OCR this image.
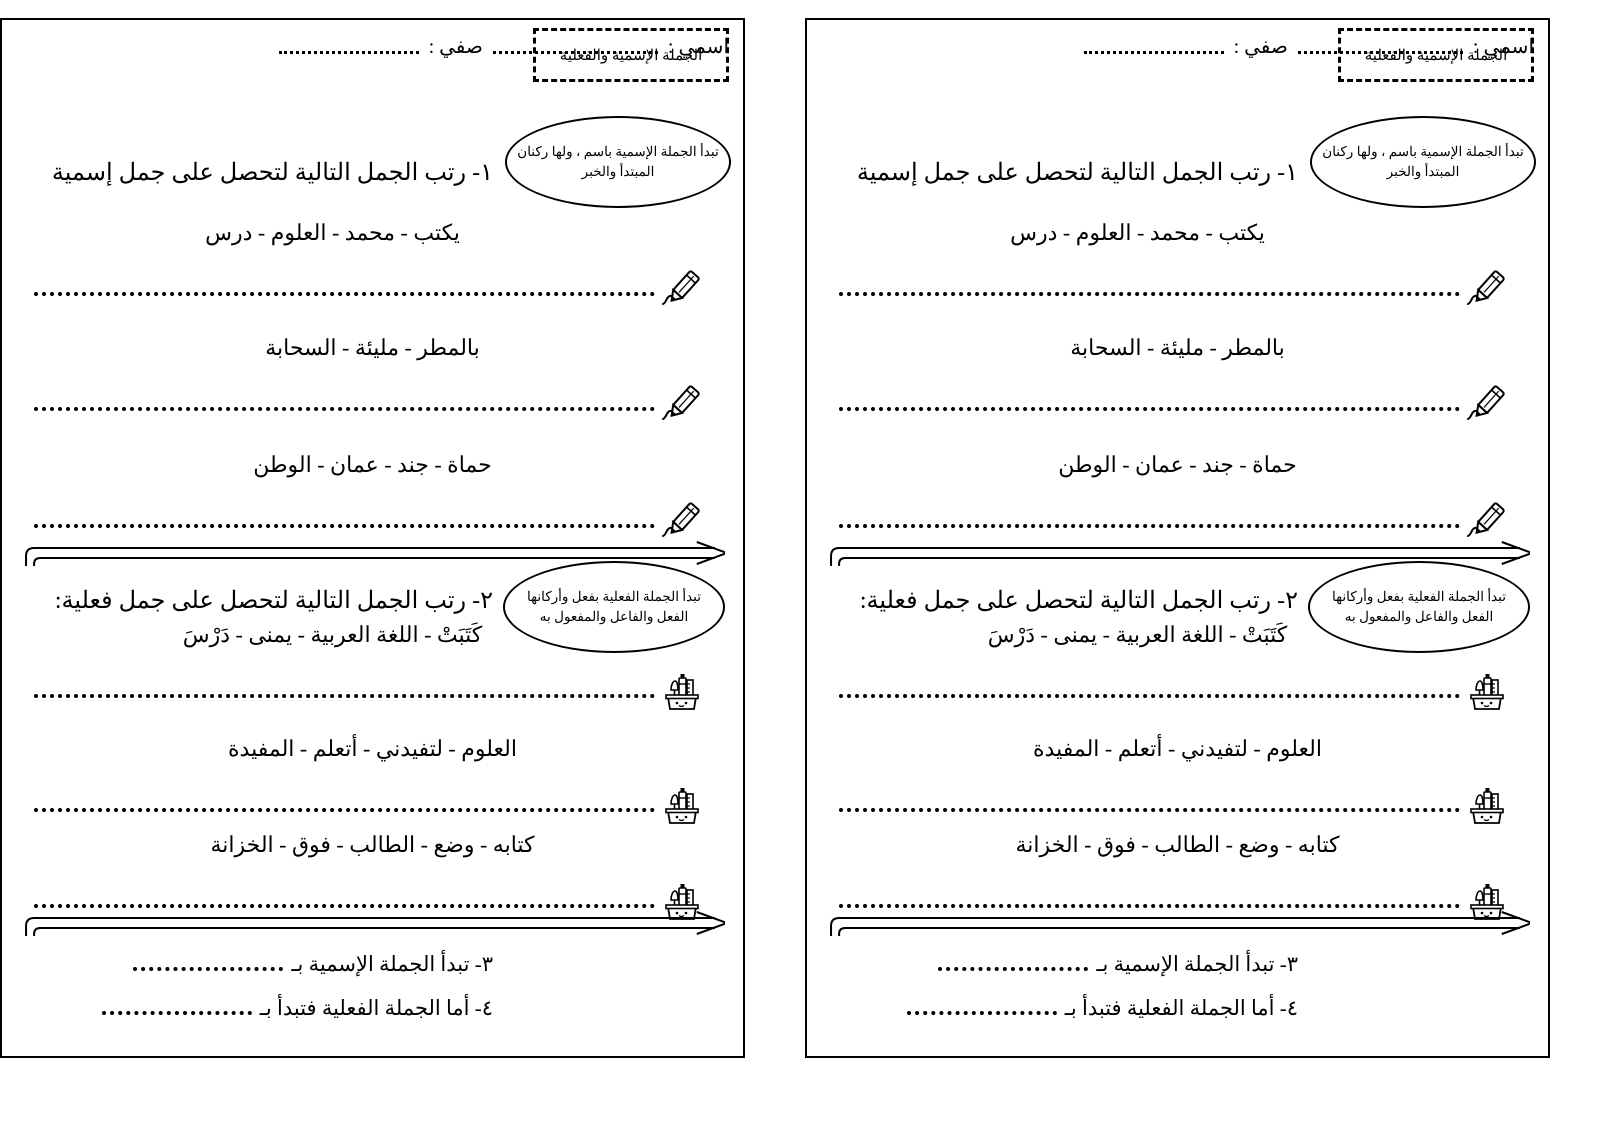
اسمي :
صفي :	الجملة الإسمية والفعلية
تبدأ الجملة الإسمية باسم ، ولها ركنان المبتدأ والخبر
١- رتب الجمل التالية لتحصل على جمل إسمية
يكتب - محمد - العلوم - درس
بالمطر - مليئة - السحابة
حماة - جند - عمان - الوطن
تبدأ الجملة الفعلية بفعل وأركانها الفعل والفاعل والمفعول به
٢- رتب الجمل التالية لتحصل على جمل فعلية:
كَتَبَتْ - اللغة العربية - يمنى - دَرْسَ
العلوم - لتفيدني - أتعلم - المفيدة
كتابه - وضع - الطالب - فوق - الخزانة
٣- تبدأ الجملة الإسمية بـ
٤- أما الجملة الفعلية فتبدأ بـ
اسمي :
صفي :	الجملة الإسمية والفعلية
تبدأ الجملة الإسمية باسم ، ولها ركنان المبتدأ والخبر
١- رتب الجمل التالية لتحصل على جمل إسمية
يكتب - محمد - العلوم - درس
بالمطر - مليئة - السحابة
حماة - جند - عمان - الوطن
تبدأ الجملة الفعلية بفعل وأركانها الفعل والفاعل والمفعول به
٢- رتب الجمل التالية لتحصل على جمل فعلية:
كَتَبَتْ - اللغة العربية - يمنى - دَرْسَ
العلوم - لتفيدني - أتعلم - المفيدة
كتابه - وضع - الطالب - فوق - الخزانة
٣- تبدأ الجملة الإسمية بـ
٤- أما الجملة الفعلية فتبدأ بـ
